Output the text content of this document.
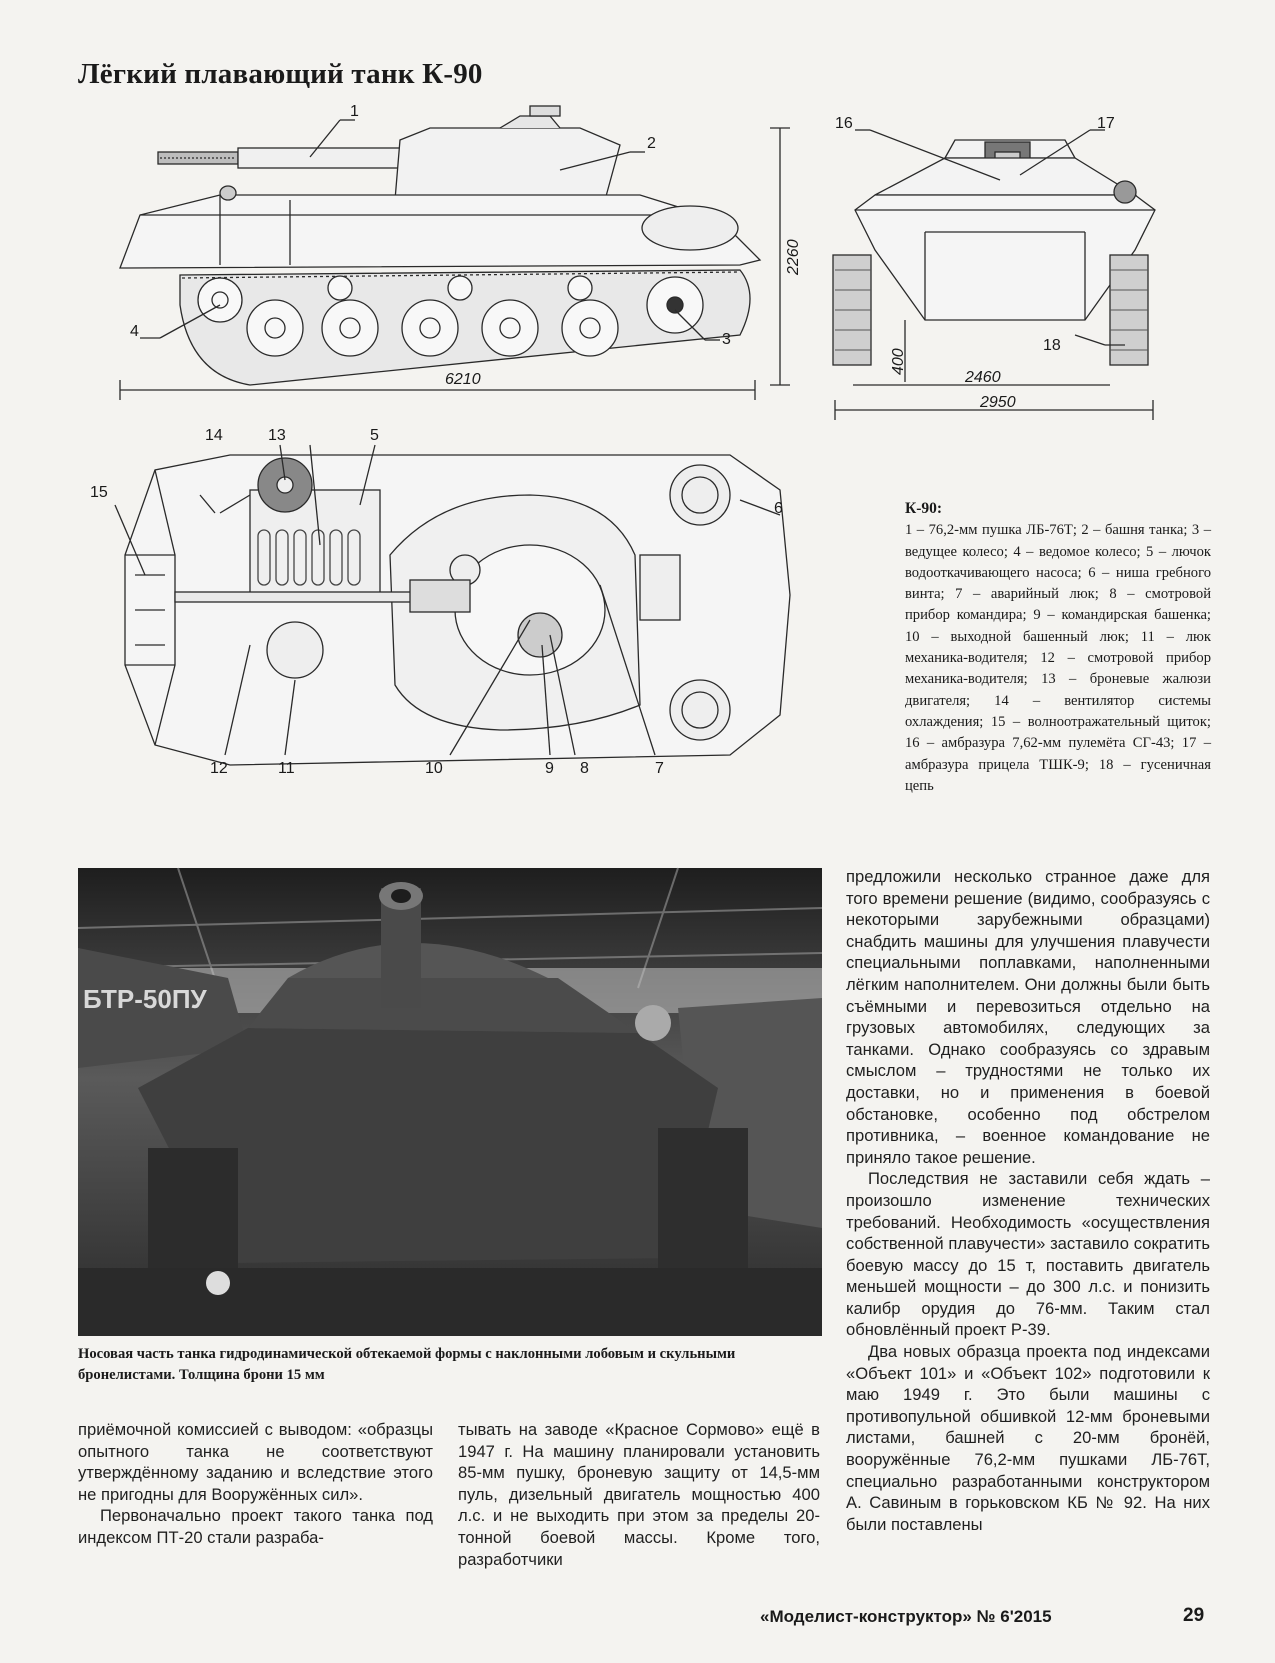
Лёгкий плавающий танк К-90
1
2
3
4
6210
2260
16	17
18
2460
2950
400
14	13	5
15
6
12	11	10	9 8	7
К-90:
1 – 76,2-мм пушка ЛБ-76Т; 2 – башня танка; 3 – ведущее колесо; 4 – ведомое колесо; 5 – лючок водооткачивающего насоса; 6 – ниша гребного винта; 7 – аварийный люк; 8 – смотровой прибор командира; 9 – командирская башенка; 10 – выходной башенный люк; 11 – люк механика-водителя; 12 – смотровой прибор механика-водителя; 13 – броневые жалюзи двигателя; 14 – вентилятор системы охлаждения; 15 – волноотражательный щиток; 16 – амбразура 7,62-мм пулемёта СГ-43; 17 – амбразура прицела ТШК-9; 18 – гусеничная цепь
БТР-50ПУ
Носовая часть танка гидродинамической обтекаемой формы с наклонными лобовым и скульными бронелистами. Толщина брони 15 мм

приёмочной комиссией с выводом: «образцы опытного танка не соответствуют утверждённому заданию и вследствие этого не пригодны для Вооружённых сил».

Первоначально проект такого танка под индексом ПТ-20 стали разраба-

тывать на заводе «Красное Сормово» ещё в 1947 г. На машину планировали установить 85-мм пушку, броневую защиту от 14,5-мм пуль, дизельный двигатель мощностью 400 л.с. и не выходить при этом за пределы 20-тонной боевой массы. Кроме того, разработчики

предложили несколько странное даже для того времени решение (видимо, сообразуясь с некоторыми зарубежными образцами) снабдить машины для улучшения плавучести специальными поплавками, наполненными лёгким наполнителем. Они должны были быть съёмными и перевозиться отдельно на грузовых автомобилях, следующих за танками. Однако сообразуясь со здравым смыслом – трудностями не только их доставки, но и применения в боевой обстановке, особенно под обстрелом противника, – военное командование не приняло такое решение.

Последствия не заставили себя ждать – произошло изменение технических требований. Необходимость «осуществления собственной плавучести» заставило сократить боевую массу до 15 т, поставить двигатель меньшей мощности – до 300 л.с. и понизить калибр орудия до 76-мм. Таким стал обновлённый проект Р-39.

Два новых образца проекта под индексами «Объект 101» и «Объект 102» подготовили к маю 1949 г. Это были машины с противопульной обшивкой 12-мм броневыми листами, башней с 20-мм бронёй, вооружённые 76,2-мм пушками ЛБ-76Т, специально разработанными конструктором А. Савиным в горьковском КБ № 92. На них были поставлены

«Моделист-конструктор» № 6'2015	29
